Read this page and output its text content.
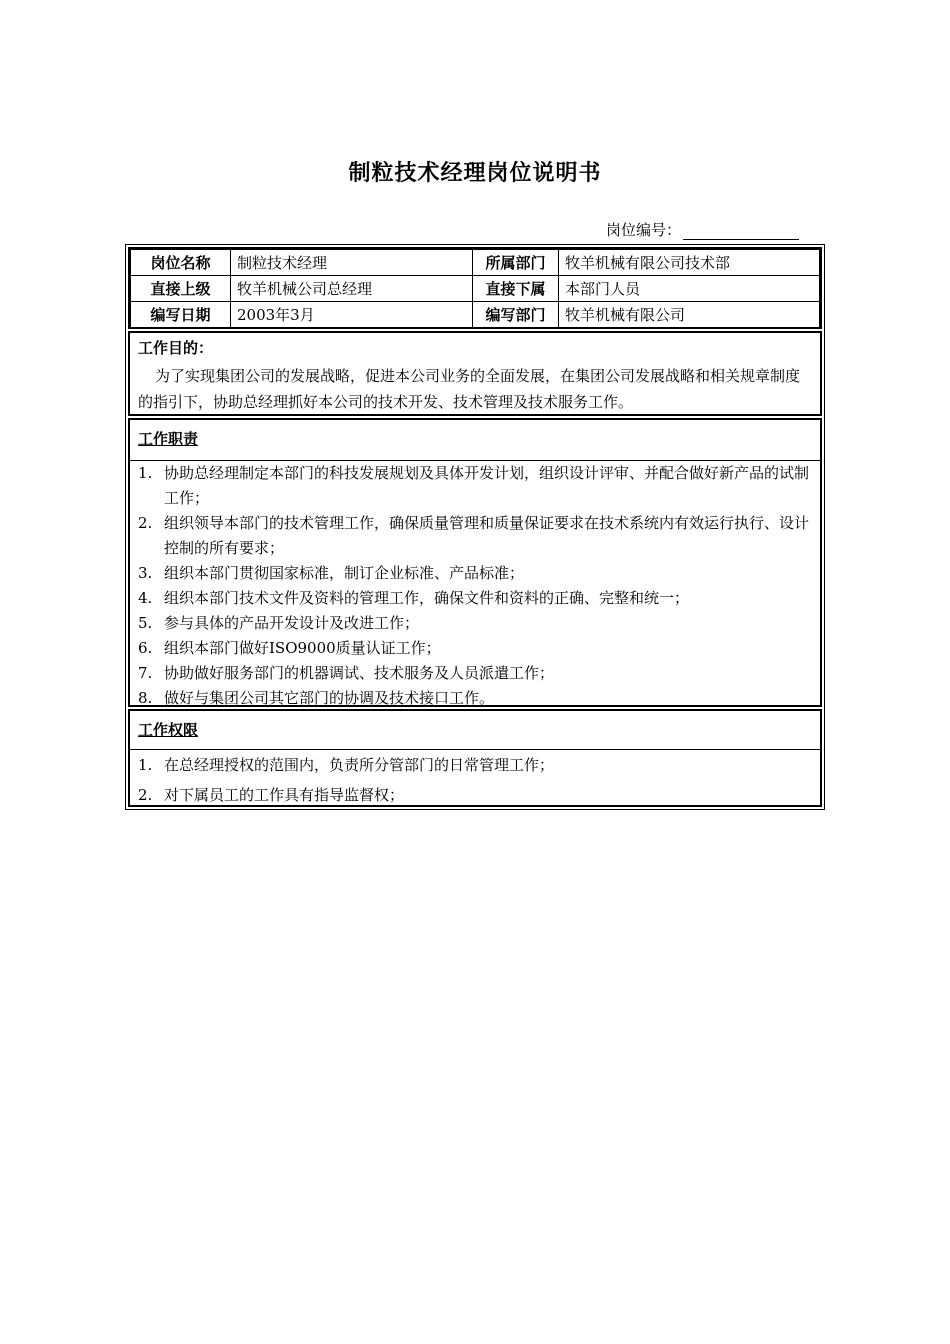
制粒技术经理岗位说明书
岗位编号：
岗位名称	制粒技术经理	所属部门	牧羊机械有限公司技术部
直接上级	牧羊机械公司总经理	直接下属	本部门人员
编写日期	2003年3月	编写部门	牧羊机械有限公司
工作目的：
为了实现集团公司的发展战略，促进本公司业务的全面发展，在集团公司发展战略和相关规章制度的指引下，协助总经理抓好本公司的技术开发、技术管理及技术服务工作。
工作职责
1. 协助总经理制定本部门的科技发展规划及具体开发计划，组织设计评审、并配合做好新产品的试制工作；
2. 组织领导本部门的技术管理工作，确保质量管理和质量保证要求在技术系统内有效运行执行、设计控制的所有要求；
3. 组织本部门贯彻国家标准，制订企业标准、产品标准；
4. 组织本部门技术文件及资料的管理工作，确保文件和资料的正确、完整和统一；
5. 参与具体的产品开发设计及改进工作；
6. 组织本部门做好ISO9000质量认证工作；
7. 协助做好服务部门的机器调试、技术服务及人员派遣工作；
8. 做好与集团公司其它部门的协调及技术接口工作。
工作权限
1. 在总经理授权的范围内，负责所分管部门的日常管理工作；
2. 对下属员工的工作具有指导监督权；
